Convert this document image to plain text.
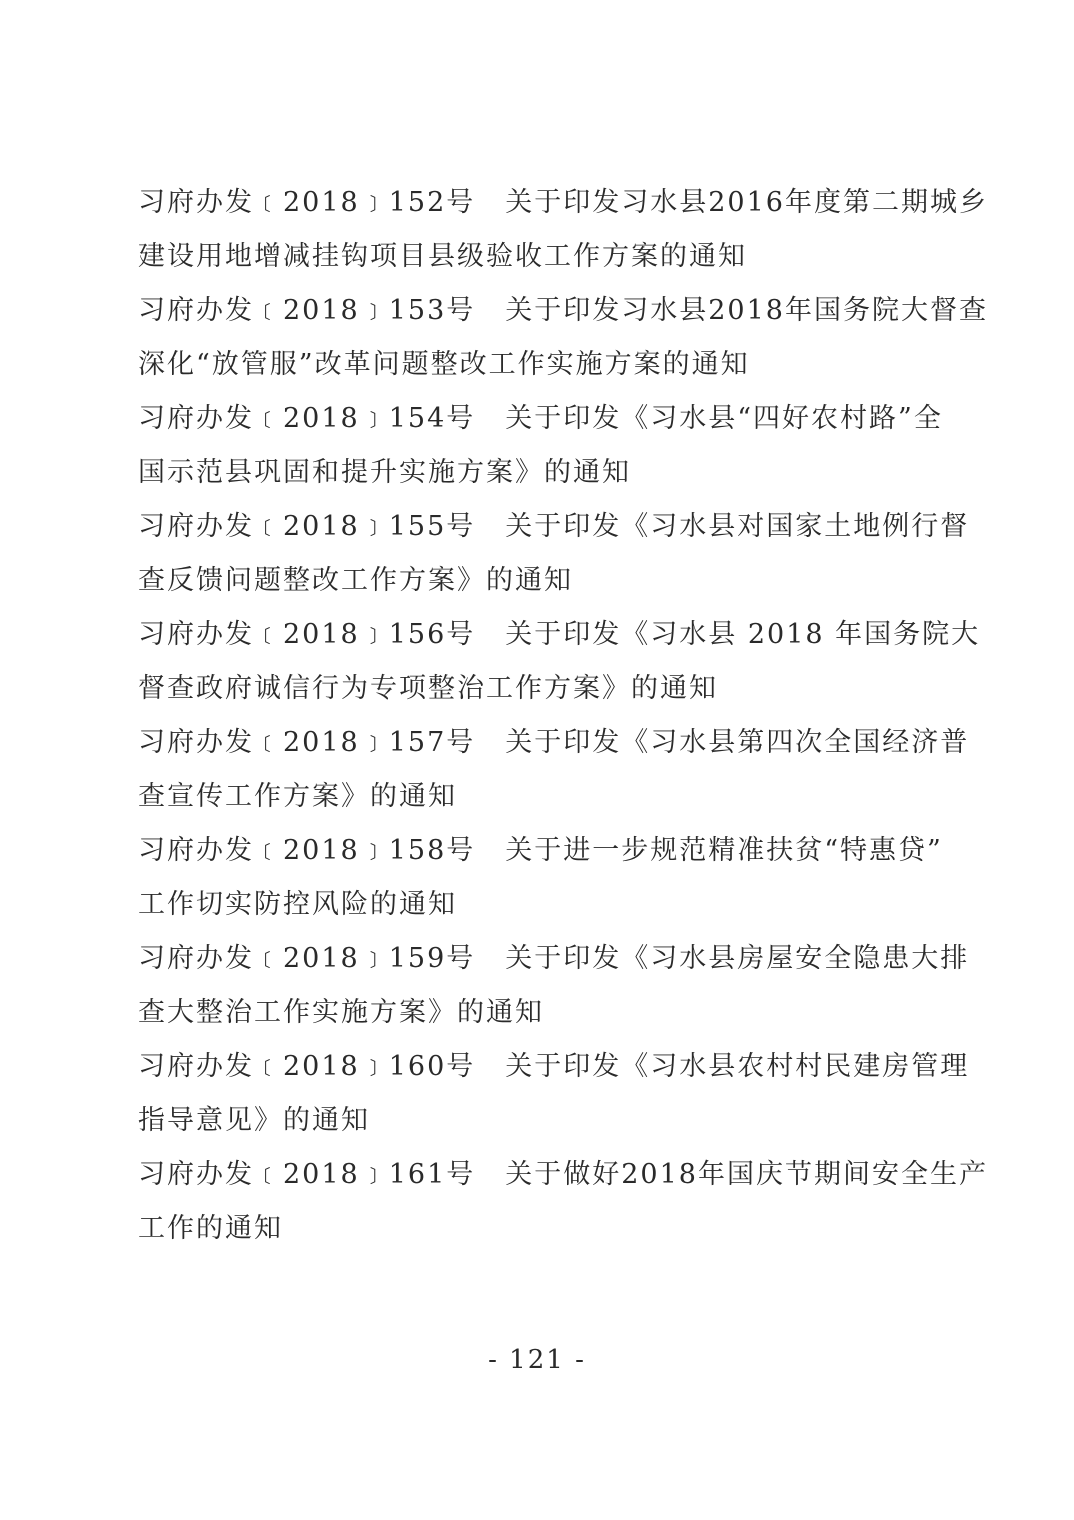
习府办发﹝2018﹞152号 关于印发习水县2016年度第二期城乡
建设用地增减挂钩项目县级验收工作方案的通知
习府办发﹝2018﹞153号 关于印发习水县2018年国务院大督查
深化“放管服”改革问题整改工作实施方案的通知
习府办发﹝2018﹞154号 关于印发《习水县“四好农村路”全
国示范县巩固和提升实施方案》的通知
习府办发﹝2018﹞155号 关于印发《习水县对国家土地例行督
查反馈问题整改工作方案》的通知
习府办发﹝2018﹞156号 关于印发《习水县 2018 年国务院大
督查政府诚信行为专项整治工作方案》的通知
习府办发﹝2018﹞157号 关于印发《习水县第四次全国经济普
查宣传工作方案》的通知
习府办发﹝2018﹞158号 关于进一步规范精准扶贫“特惠贷”
工作切实防控风险的通知
习府办发﹝2018﹞159号 关于印发《习水县房屋安全隐患大排
查大整治工作实施方案》的通知
习府办发﹝2018﹞160号 关于印发《习水县农村村民建房管理
指导意见》的通知
习府办发﹝2018﹞161号 关于做好2018年国庆节期间安全生产
工作的通知
- 121 -
